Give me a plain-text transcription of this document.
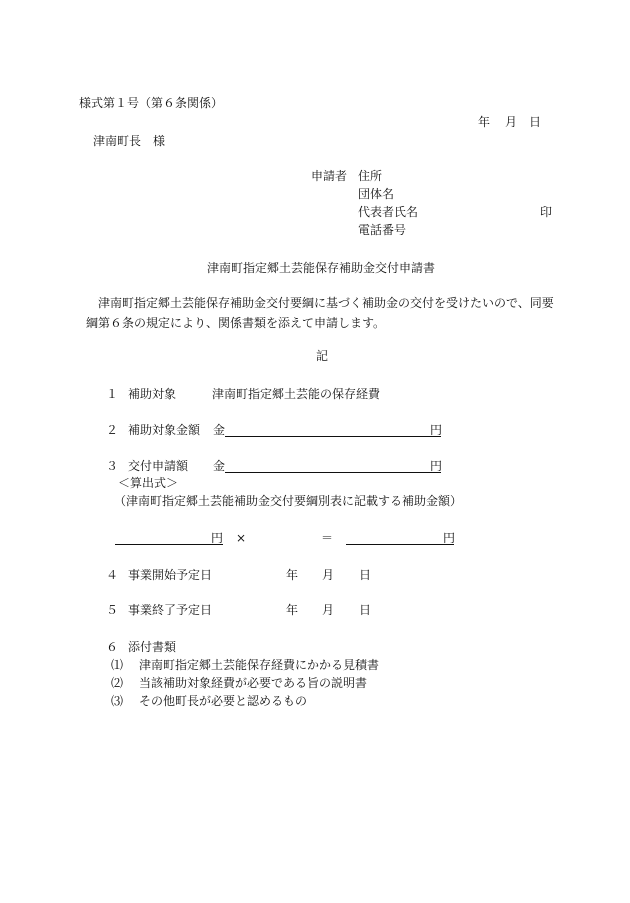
様式第１号（第６条関係）
年 月 日
津南町長　様
申請者 住所
団体名
代表者氏名	印
電話番号
津南町指定郷土芸能保存補助金交付申請書
津南町指定郷土芸能保存補助金交付要綱に基づく補助金の交付を受けたいので、同要綱第６条の規定により、関係書類を添えて申請します。
記
１ 補助対象	津南町指定郷土芸能の保存経費
２ 補助対象金額 金	円
３ 交付申請額 金	円
＜算出式＞
（津南町指定郷土芸能補助金交付要綱別表に記載する補助金額）
円 ×	＝	円
４ 事業開始予定日	年 月 日
５ 事業終了予定日	年 月 日
６ 添付書類
⑴ 津南町指定郷土芸能保存経費にかかる見積書
⑵ 当該補助対象経費が必要である旨の説明書
⑶ その他町長が必要と認めるもの
